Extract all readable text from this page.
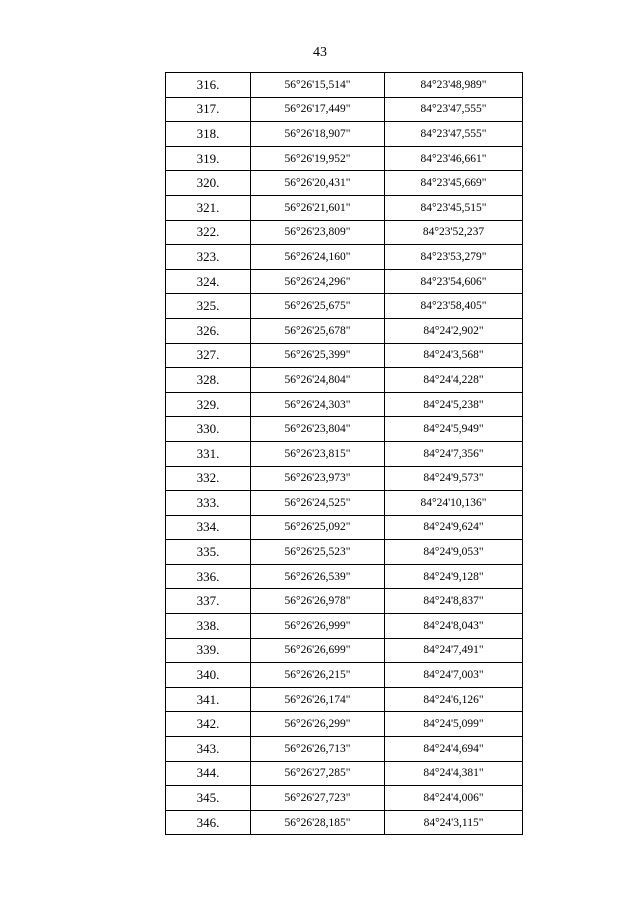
43
316.	56°26'15,514"	84°23'48,989"
317.	56°26'17,449"	84°23'47,555"
318.	56°26'18,907"	84°23'47,555"
319.	56°26'19,952"	84°23'46,661"
320.	56°26'20,431"	84°23'45,669"
321.	56°26'21,601"	84°23'45,515"
322.	56°26'23,809"	84°23'52,237
323.	56°26'24,160"	84°23'53,279"
324.	56°26'24,296"	84°23'54,606"
325.	56°26'25,675"	84°23'58,405"
326.	56°26'25,678"	84°24'2,902"
327.	56°26'25,399"	84°24'3,568"
328.	56°26'24,804"	84°24'4,228"
329.	56°26'24,303"	84°24'5,238"
330.	56°26'23,804"	84°24'5,949"
331.	56°26'23,815"	84°24'7,356"
332.	56°26'23,973"	84°24'9,573"
333.	56°26'24,525"	84°24'10,136"
334.	56°26'25,092"	84°24'9,624"
335.	56°26'25,523"	84°24'9,053"
336.	56°26'26,539"	84°24'9,128"
337.	56°26'26,978"	84°24'8,837"
338.	56°26'26,999"	84°24'8,043"
339.	56°26'26,699"	84°24'7,491"
340.	56°26'26,215"	84°24'7,003"
341.	56°26'26,174"	84°24'6,126"
342.	56°26'26,299"	84°24'5,099"
343.	56°26'26,713"	84°24'4,694"
344.	56°26'27,285"	84°24'4,381"
345.	56°26'27,723"	84°24'4,006"
346.	56°26'28,185"	84°24'3,115"
